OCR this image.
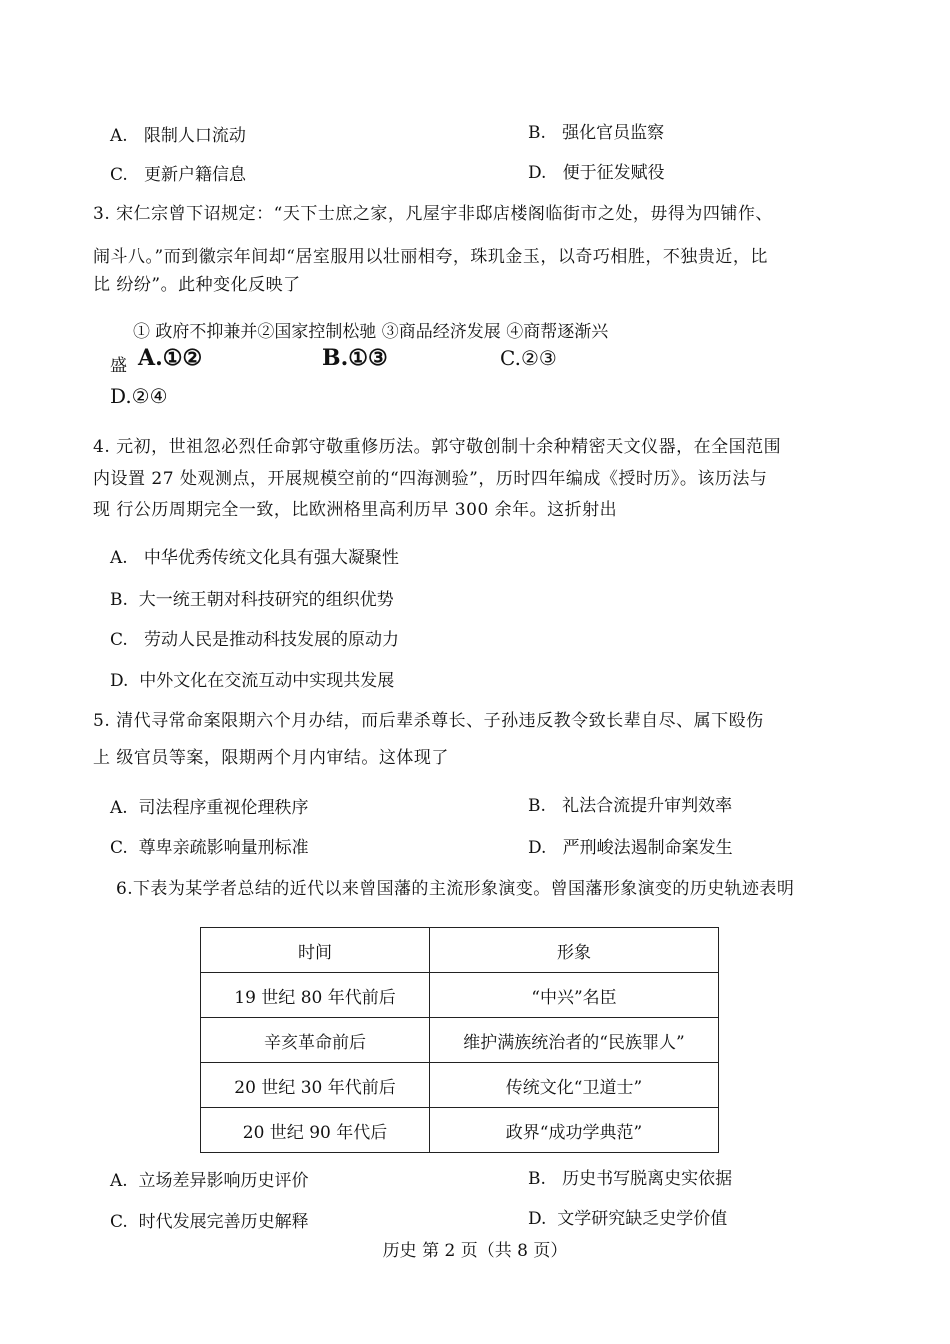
A. 限制人口流动	B. 强化官员监察
C. 更新户籍信息	D. 便于征发赋役
3. 宋仁宗曾下诏规定：“天下士庶之家，凡屋宇非邸店楼阁临街市之处，毋得为四铺作、
闹斗八。”而到徽宗年间却“居室服用以壮丽相夸，珠玑金玉，以奇巧相胜，不独贵近，比
比 纷纷”。此种变化反映了
① 政府不抑兼并②国家控制松驰 ③商品经济发展 ④商帮逐渐兴
盛 A.①②	B.①③	C.②③
D.②④
4. 元初，世祖忽必烈任命郭守敬重修历法。郭守敬创制十余种精密天文仪器，在全国范围
内设置 27 处观测点，开展规模空前的“四海测验”，历时四年编成《授时历》。该历法与
现 行公历周期完全一致，比欧洲格里高利历早 300 余年。这折射出
A. 中华优秀传统文化具有强大凝聚性
B. 大一统王朝对科技研究的组织优势
C. 劳动人民是推动科技发展的原动力
D. 中外文化在交流互动中实现共发展
5. 清代寻常命案限期六个月办结，而后辈杀尊长、子孙违反教令致长辈自尽、属下殴伤
上 级官员等案，限期两个月内审结。这体现了
A. 司法程序重视伦理秩序	B. 礼法合流提升审判效率
C. 尊卑亲疏影响量刑标准	D. 严刑峻法遏制命案发生
6.下表为某学者总结的近代以来曾国藩的主流形象演变。曾国藩形象演变的历史轨迹表明
时间	形象
19 世纪 80 年代前后	“中兴”名臣
辛亥革命前后	维护满族统治者的“民族罪人”
20 世纪 30 年代前后	传统文化“卫道士”
20 世纪 90 年代后	政界“成功学典范”
A. 立场差异影响历史评价	B. 历史书写脱离史实依据
C. 时代发展完善历史解释	D. 文学研究缺乏史学价值
历史 第 2 页（共 8 页）
